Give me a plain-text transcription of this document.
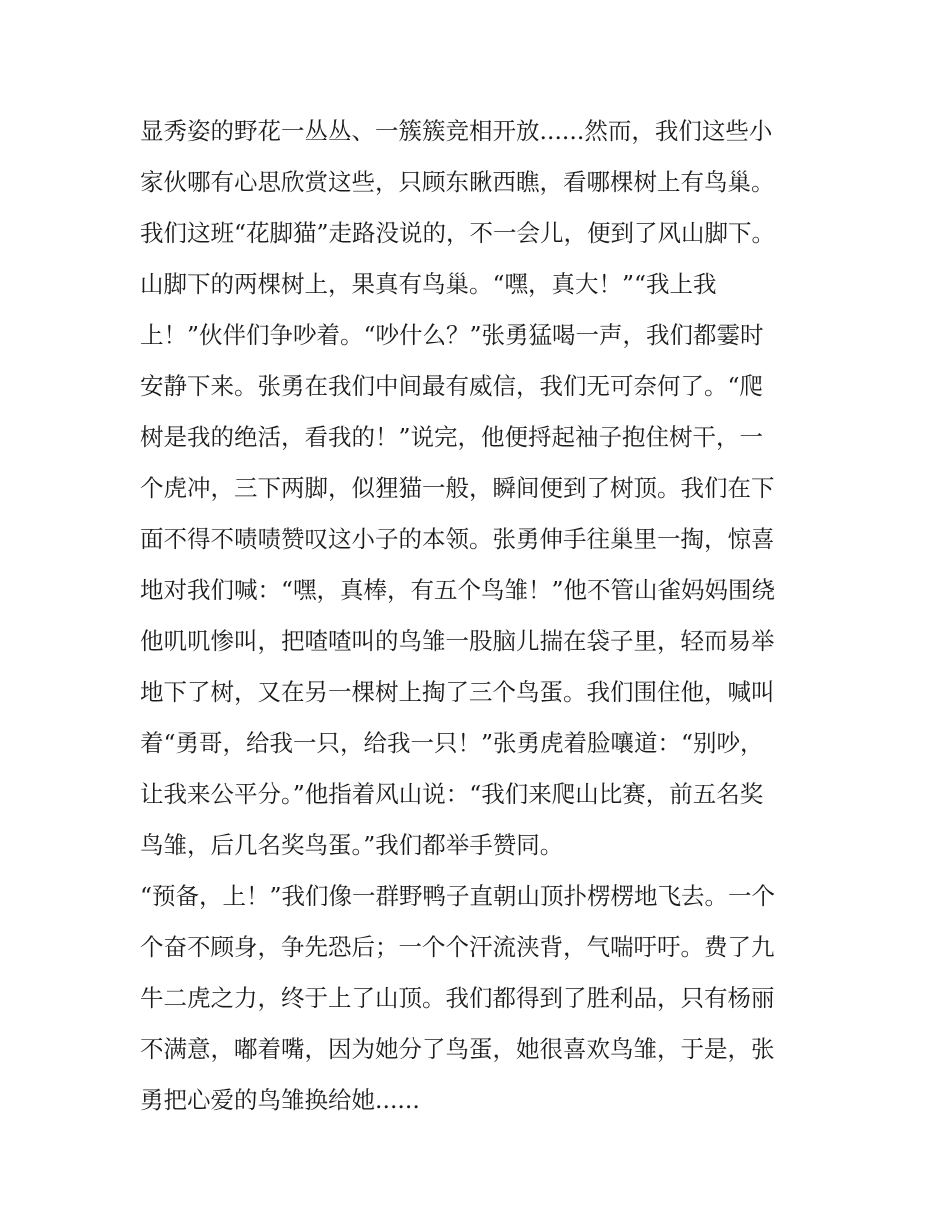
显秀姿的野花一丛丛、一簇簇竞相开放......然而，我们这些小
家伙哪有心思欣赏这些，只顾东瞅西瞧，看哪棵树上有鸟巢。
我们这班“花脚猫”走路没说的，不一会儿，便到了风山脚下。
山脚下的两棵树上，果真有鸟巢。“嘿，真大！”“我上我
上！”伙伴们争吵着。“吵什么？”张勇猛喝一声，我们都霎时
安静下来。张勇在我们中间最有威信，我们无可奈何了。“爬
树是我的绝活，看我的！”说完，他便捋起袖子抱住树干，一
个虎冲，三下两脚，似狸猫一般，瞬间便到了树顶。我们在下
面不得不啧啧赞叹这小子的本领。张勇伸手往巢里一掏，惊喜
地对我们喊：“嘿，真棒，有五个鸟雏！”他不管山雀妈妈围绕
他叽叽惨叫，把喳喳叫的鸟雏一股脑儿揣在袋子里，轻而易举
地下了树，又在另一棵树上掏了三个鸟蛋。我们围住他，喊叫
着“勇哥，给我一只，给我一只！”张勇虎着脸嚷道：“别吵，
让我来公平分。”他指着风山说：“我们来爬山比赛，前五名奖
鸟雏，后几名奖鸟蛋。”我们都举手赞同。
“预备，上！”我们像一群野鸭子直朝山顶扑楞楞地飞去。一个
个奋不顾身，争先恐后；一个个汗流浃背，气喘吁吁。费了九
牛二虎之力，终于上了山顶。我们都得到了胜利品，只有杨丽
不满意，嘟着嘴，因为她分了鸟蛋，她很喜欢鸟雏，于是，张
勇把心爱的鸟雏换给她......
